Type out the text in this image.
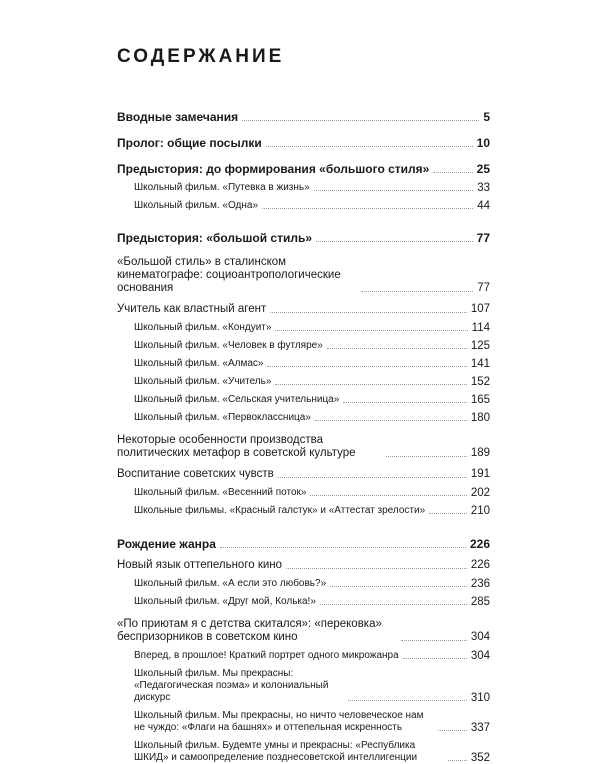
СОДЕРЖАНИЕ
Вводные замечания	5
Пролог: общие посылки	10
Предыстория: до формирования «большого стиля»	25
Школьный фильм. «Путевка в жизнь»	33
Школьный фильм. «Одна»	44
Предыстория: «большой стиль»	77
«Большой стиль» в сталинском кинематографе: социоантропологические основания	77
Учитель как властный агент	107
Школьный фильм. «Кондуит»	114
Школьный фильм. «Человек в футляре»	125
Школьный фильм. «Алмас»	141
Школьный фильм. «Учитель»	152
Школьный фильм. «Сельская учительница»	165
Школьный фильм. «Первоклассница»	180
Некоторые особенности производства политических метафор в советской культуре	189
Воспитание советских чувств	191
Школьный фильм. «Весенний поток»	202
Школьные фильмы. «Красный галстук» и «Аттестат зрелости»	210
Рождение жанра	226
Новый язык оттепельного кино	226
Школьный фильм. «А если это любовь?»	236
Школьный фильм. «Друг мой, Колька!»	285
«По приютам я с детства скитался»: «перековка» беспризорников в советском кино	304
Вперед, в прошлое! Краткий портрет одного микрожанра	304
Школьный фильм. Мы прекрасны: «Педагогическая поэма» и колониальный дискурс	310
Школьный фильм. Мы прекрасны, но ничто человеческое нам не чуждо: «Флаги на башнях» и оттепельная искренность	337
Школьный фильм. Будемте умны и прекрасны: «Республика ШКИД» и самоопределение позднесоветской интеллигенции	352
